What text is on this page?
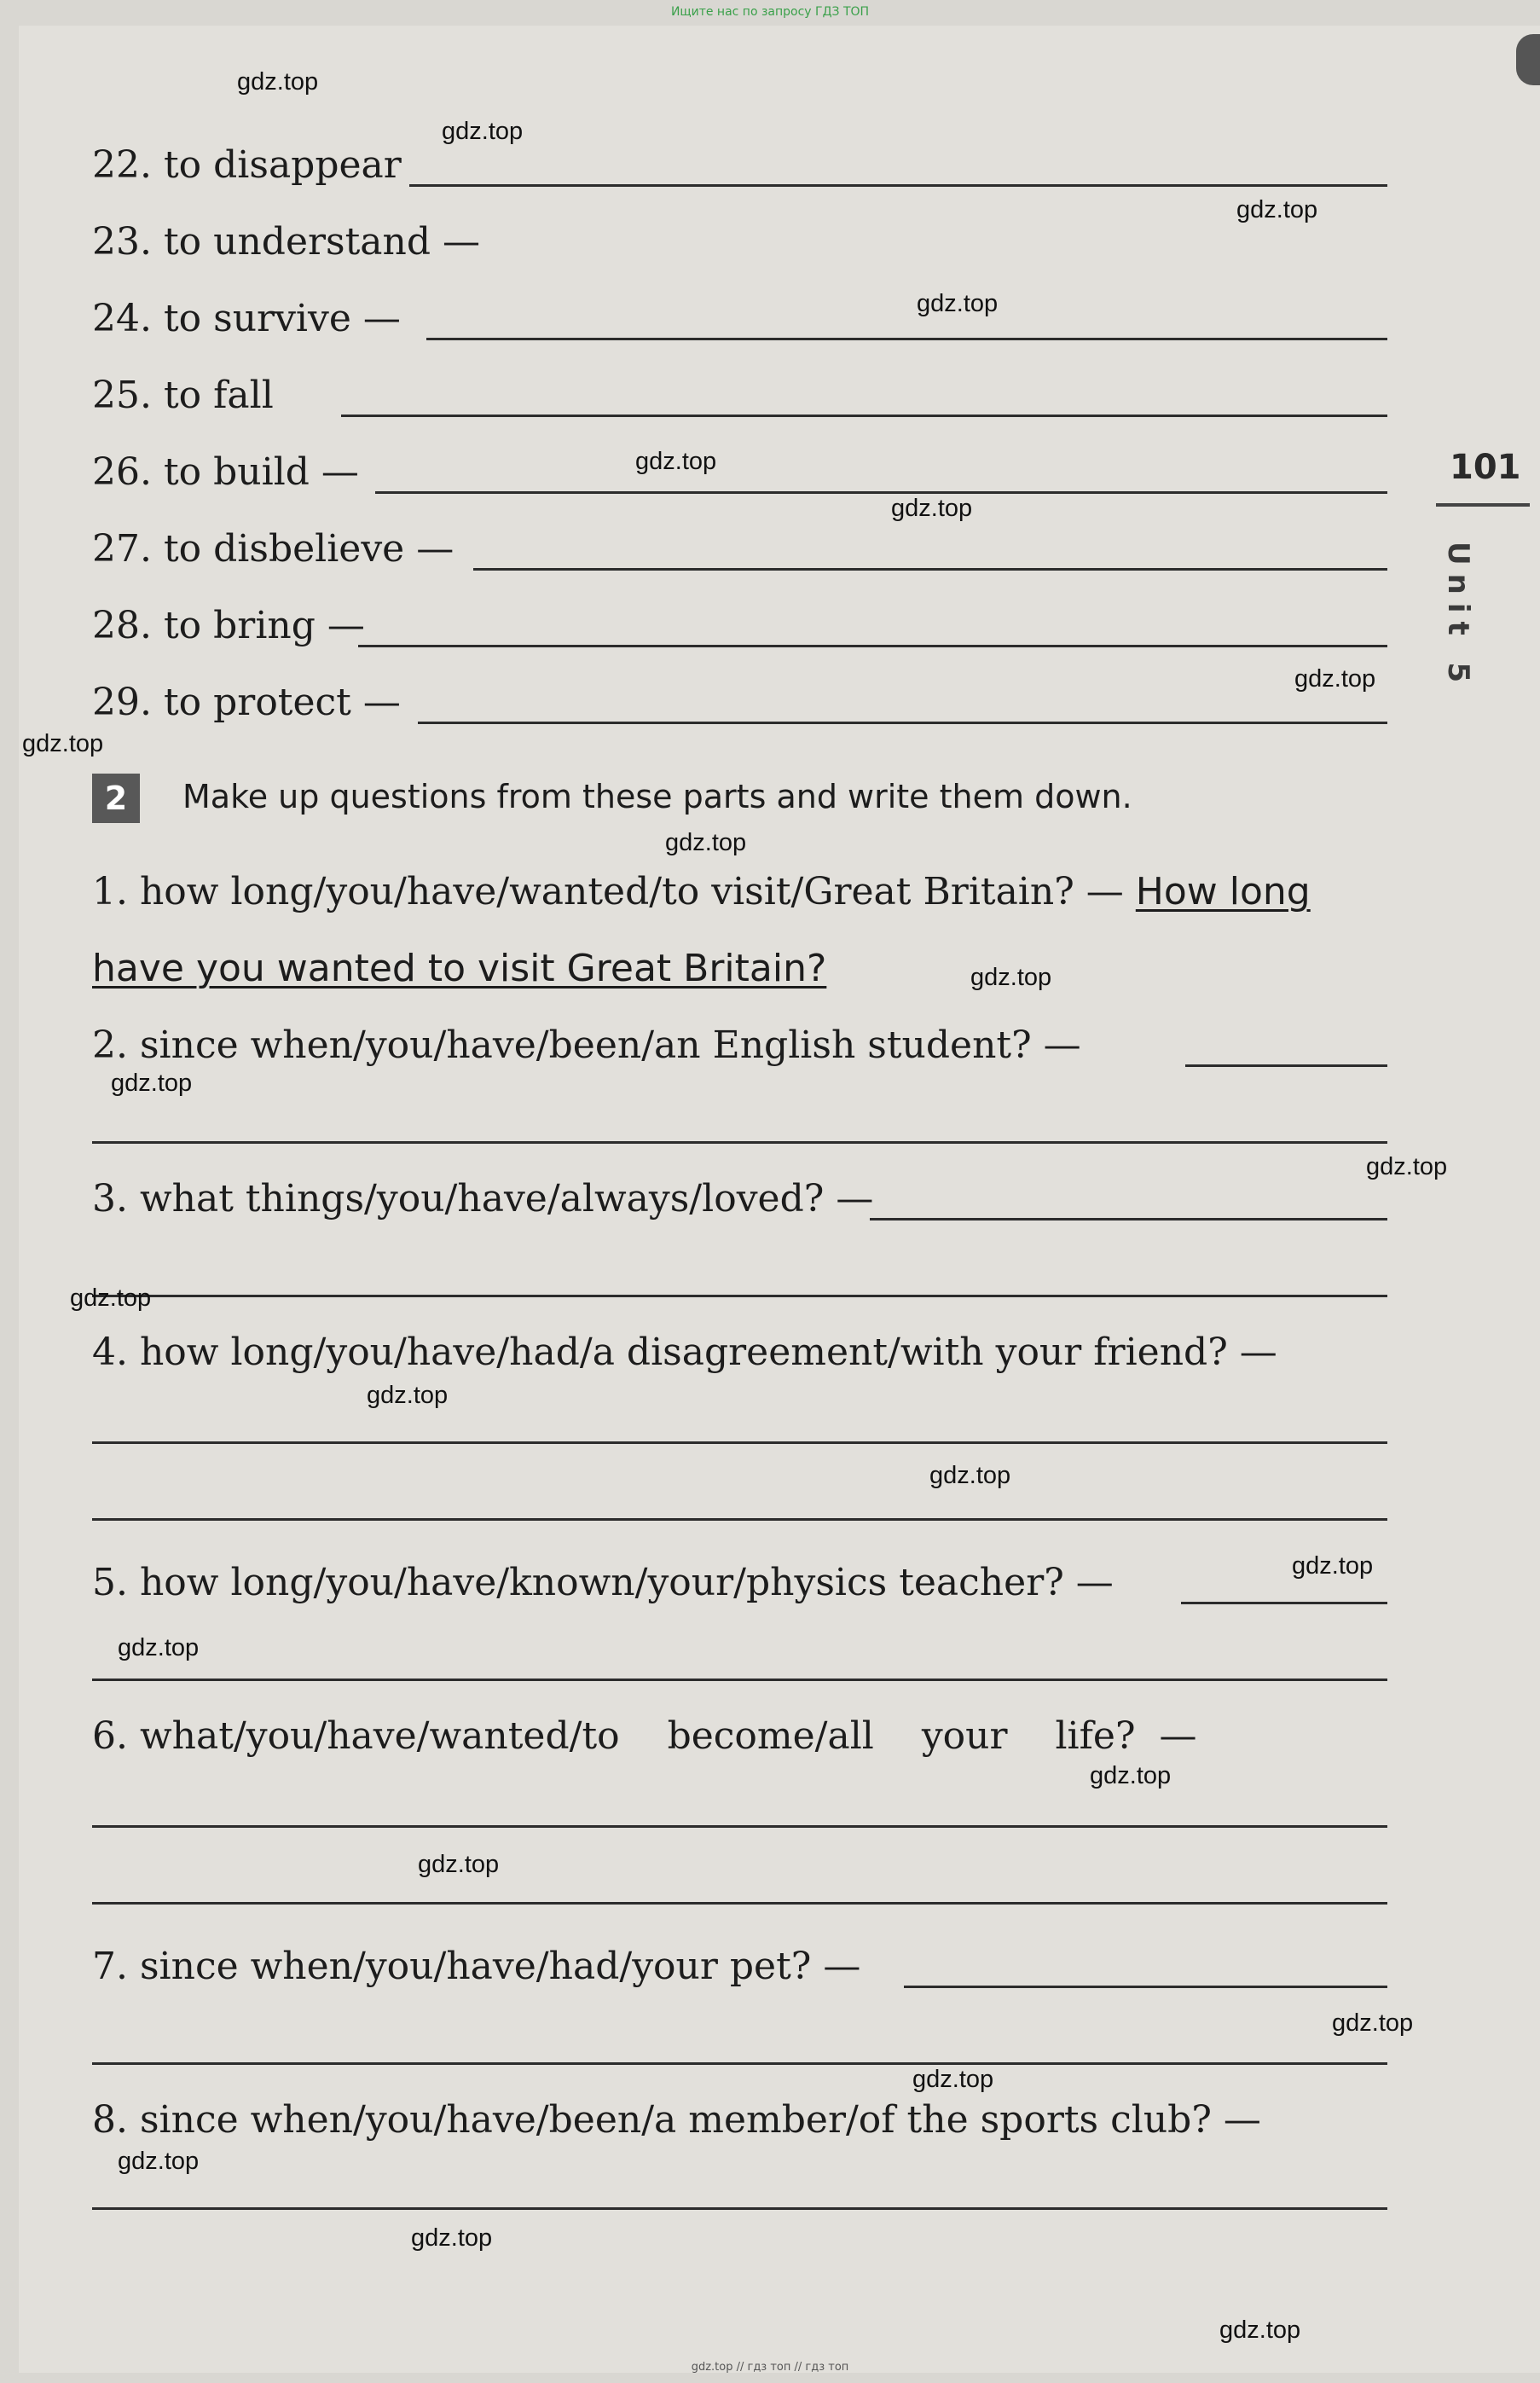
Ищите нас по запросу ГДЗ ТОП
101
Unit 5
22. to disappear
23. to understand —
24. to survive —
25. to fall
26. to build —
27. to disbelieve —
28. to bring —
29. to protect —
2	Make up questions from these parts and write them down.
1. how long/you/have/wanted/to visit/Great Britain? — How long
have you wanted to visit Great Britain?
2. since when/you/have/been/an English student? —
3. what things/you/have/always/loved? —
4. how long/you/have/had/a disagreement/with your friend? —
5. how long/you/have/known/your/physics teacher? —
6. what/you/have/wanted/to    become/all    your    life?  —
7. since when/you/have/had/your pet? —
8. since when/you/have/been/a member/of the sports club? —
gdz.top
gdz.top
gdz.top
gdz.top
gdz.top
gdz.top
gdz.top
gdz.top
gdz.top
gdz.top
gdz.top
gdz.top
gdz.top
gdz.top
gdz.top
gdz.top
gdz.top
gdz.top
gdz.top
gdz.top
gdz.top
gdz.top
gdz.top
gdz.top
gdz.top // гдз топ // гдз топ
